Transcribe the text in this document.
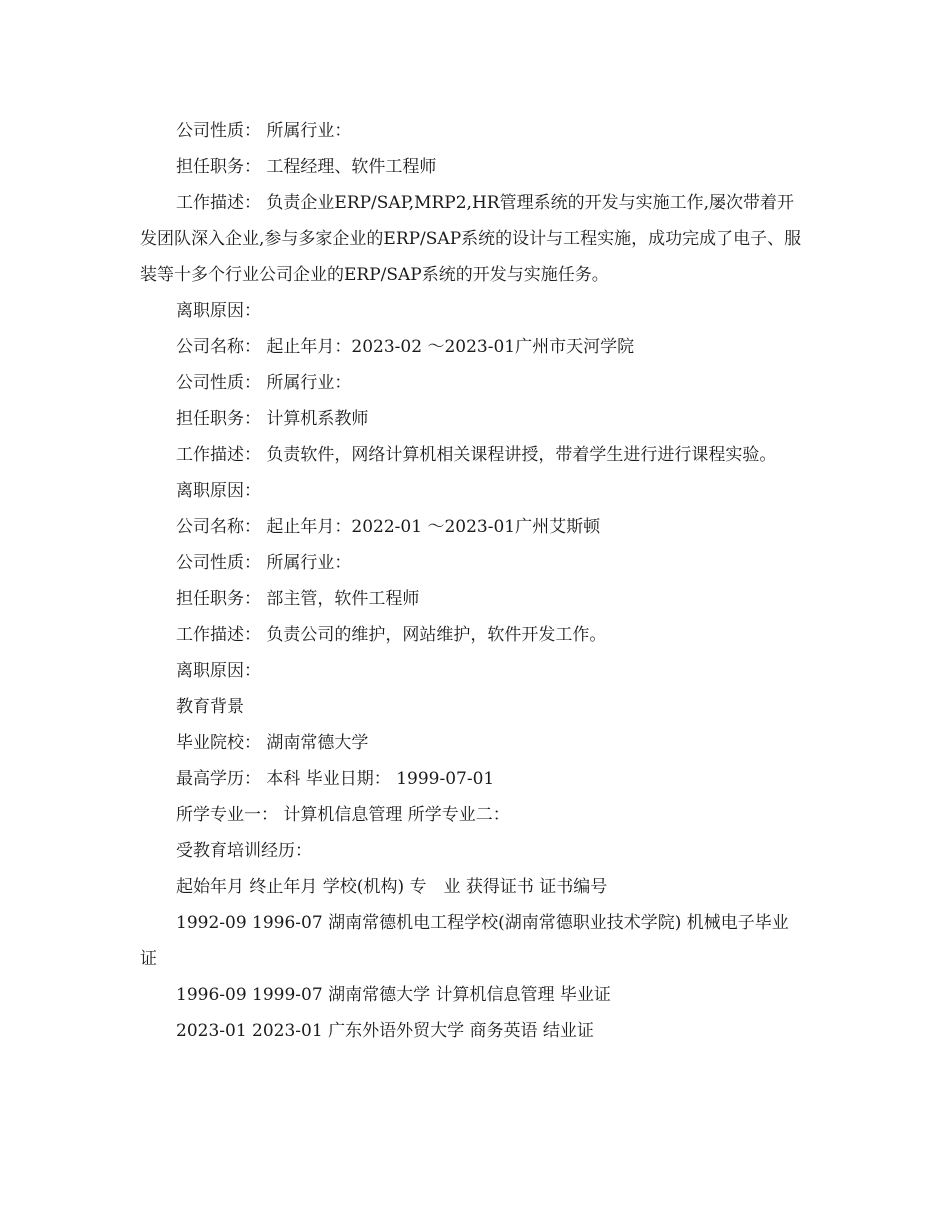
公司性质： 所属行业：

担任职务： 工程经理、软件工程师

工作描述： 负责企业ERP/SAP,MRP2,HR管理系统的开发与实施工作,屡次带着开发团队深入企业,参与多家企业的ERP/SAP系统的设计与工程实施，成功完成了电子、服装等十多个行业公司企业的ERP/SAP系统的开发与实施任务。

离职原因：

公司名称： 起止年月：2023-02 ～2023-01广州市天河学院

公司性质： 所属行业：

担任职务： 计算机系教师

工作描述： 负责软件，网络计算机相关课程讲授，带着学生进行进行课程实验。

离职原因：

公司名称： 起止年月：2022-01 ～2023-01广州艾斯顿

公司性质： 所属行业：

担任职务： 部主管，软件工程师

工作描述： 负责公司的维护，网站维护，软件开发工作。

离职原因：

教育背景

毕业院校： 湖南常德大学

最高学历： 本科 毕业日期： 1999-07-01

所学专业一： 计算机信息管理 所学专业二：

受教育培训经历：

起始年月 终止年月 学校(机构) 专　业 获得证书 证书编号

1992-09 1996-07 湖南常德机电工程学校(湖南常德职业技术学院) 机械电子毕业证

1996-09 1999-07 湖南常德大学 计算机信息管理 毕业证

2023-01 2023-01 广东外语外贸大学 商务英语 结业证
